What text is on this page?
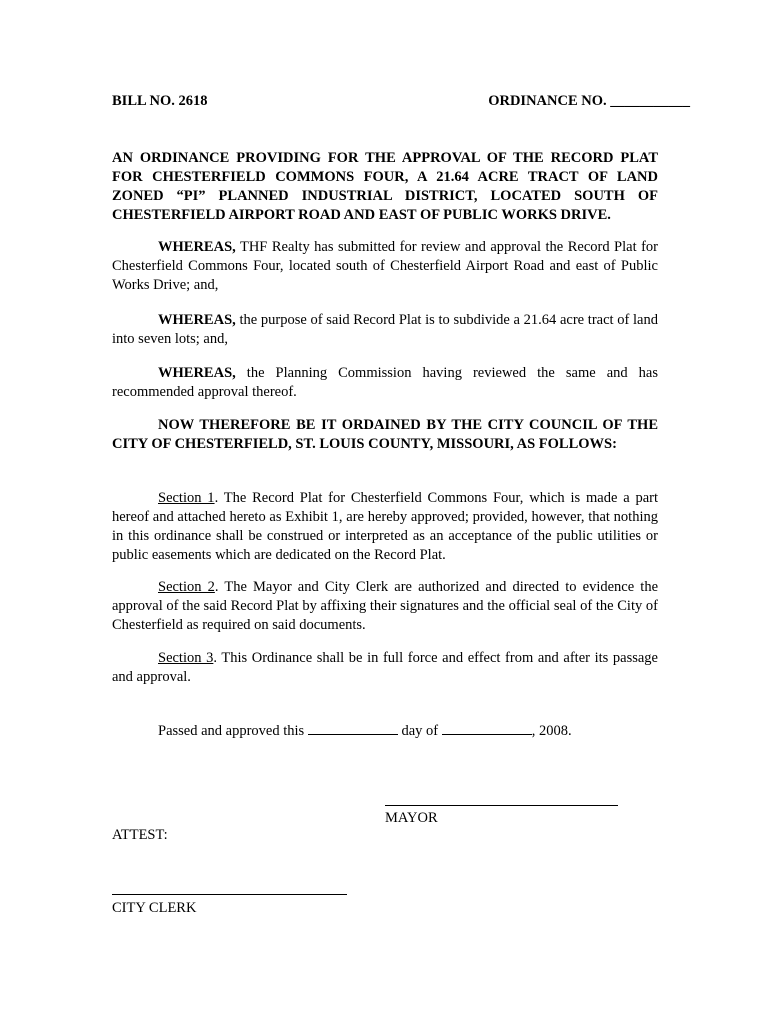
BILL NO. 2618	ORDINANCE NO. ___________

AN ORDINANCE PROVIDING FOR THE APPROVAL OF THE RECORD PLAT FOR CHESTERFIELD COMMONS FOUR, A 21.64 ACRE TRACT OF LAND ZONED “PI” PLANNED INDUSTRIAL DISTRICT, LOCATED SOUTH OF CHESTERFIELD AIRPORT ROAD AND EAST OF PUBLIC WORKS DRIVE.

WHEREAS, THF Realty has submitted for review and approval the Record Plat for Chesterfield Commons Four, located south of Chesterfield Airport Road and east of Public Works Drive; and,

WHEREAS, the purpose of said Record Plat is to subdivide a 21.64 acre tract of land into seven lots; and,

WHEREAS, the Planning Commission having reviewed the same and has recommended approval thereof.

NOW THEREFORE BE IT ORDAINED BY THE CITY COUNCIL OF THE CITY OF CHESTERFIELD, ST. LOUIS COUNTY, MISSOURI, AS FOLLOWS:

Section 1. The Record Plat for Chesterfield Commons Four, which is made a part hereof and attached hereto as Exhibit 1, are hereby approved; provided, however, that nothing in this ordinance shall be construed or interpreted as an acceptance of the public utilities or public easements which are dedicated on the Record Plat.

Section 2. The Mayor and City Clerk are authorized and directed to evidence the approval of the said Record Plat by affixing their signatures and the official seal of the City of Chesterfield as required on said documents.

Section 3. This Ordinance shall be in full force and effect from and after its passage and approval.

Passed and approved this	day of	, 2008.
MAYOR
ATTEST:
CITY CLERK
